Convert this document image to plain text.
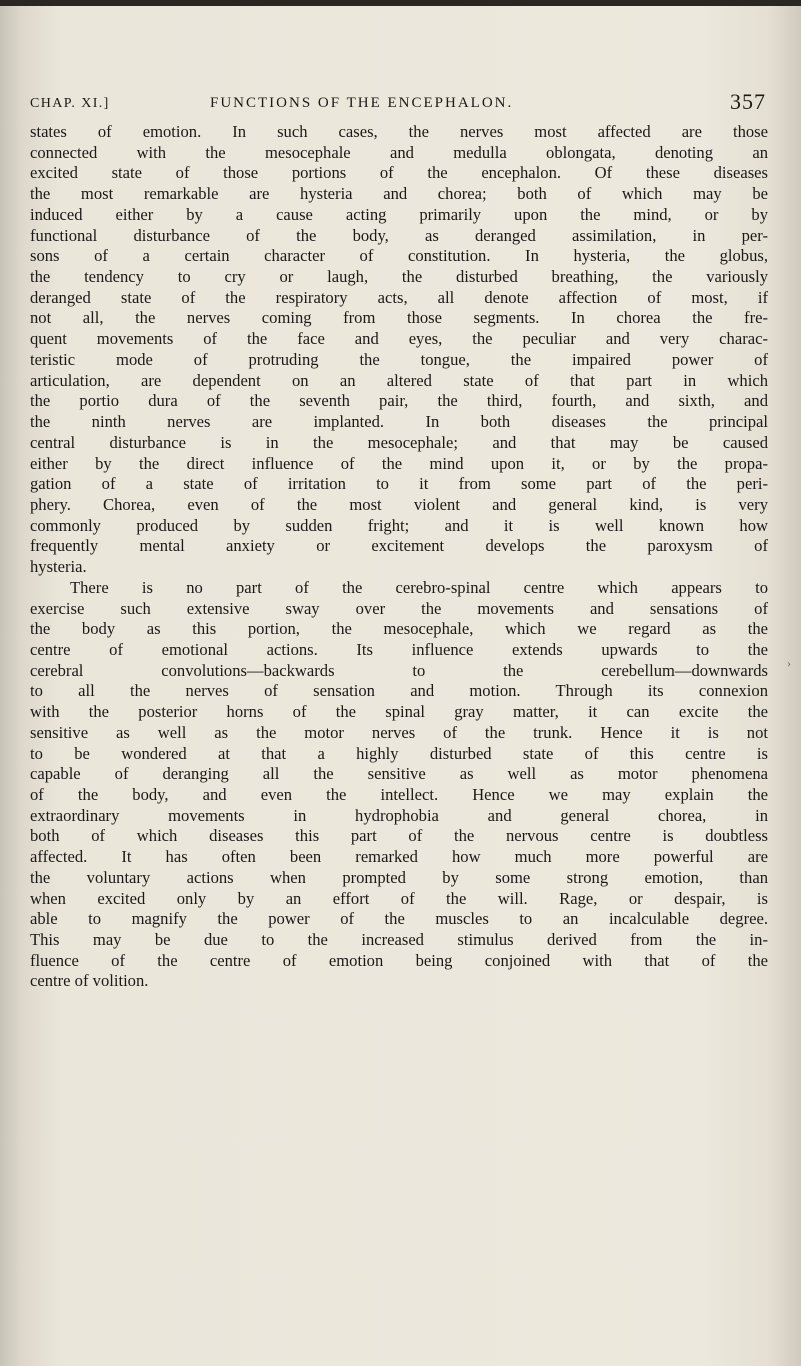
CHAP. XI.]	FUNCTIONS OF THE ENCEPHALON.	357
states of emotion. In such cases, the nerves most affected are those
connected with the mesocephale and medulla oblongata, denoting an
excited state of those portions of the encephalon. Of these diseases
the most remarkable are hysteria and chorea; both of which may be
induced either by a cause acting primarily upon the mind, or by
functional disturbance of the body, as deranged assimilation, in per-
sons of a certain character of constitution. In hysteria, the globus,
the tendency to cry or laugh, the disturbed breathing, the variously
deranged state of the respiratory acts, all denote affection of most, if
not all, the nerves coming from those segments. In chorea the fre-
quent movements of the face and eyes, the peculiar and very charac-
teristic mode of protruding the tongue, the impaired power of
articulation, are dependent on an altered state of that part in which
the portio dura of the seventh pair, the third, fourth, and sixth, and
the ninth nerves are implanted. In both diseases the principal
central disturbance is in the mesocephale; and that may be caused
either by the direct influence of the mind upon it, or by the propa-
gation of a state of irritation to it from some part of the peri-
phery. Chorea, even of the most violent and general kind, is very
commonly produced by sudden fright; and it is well known how
frequently mental anxiety or excitement develops the paroxysm of
hysteria.
There is no part of the cerebro-spinal centre which appears to
exercise such extensive sway over the movements and sensations of
the body as this portion, the mesocephale, which we regard as the
centre of emotional actions. Its influence extends upwards to the
cerebral convolutions—backwards to the cerebellum—downwards
to all the nerves of sensation and motion. Through its connexion
with the posterior horns of the spinal gray matter, it can excite the
sensitive as well as the motor nerves of the trunk. Hence it is not
to be wondered at that a highly disturbed state of this centre is
capable of deranging all the sensitive as well as motor phenomena
of the body, and even the intellect. Hence we may explain the
extraordinary movements in hydrophobia and general chorea, in
both of which diseases this part of the nervous centre is doubtless
affected. It has often been remarked how much more powerful are
the voluntary actions when prompted by some strong emotion, than
when excited only by an effort of the will. Rage, or despair, is
able to magnify the power of the muscles to an incalculable degree.
This may be due to the increased stimulus derived from the in-
fluence of the centre of emotion being conjoined with that of the
centre of volition.
›
